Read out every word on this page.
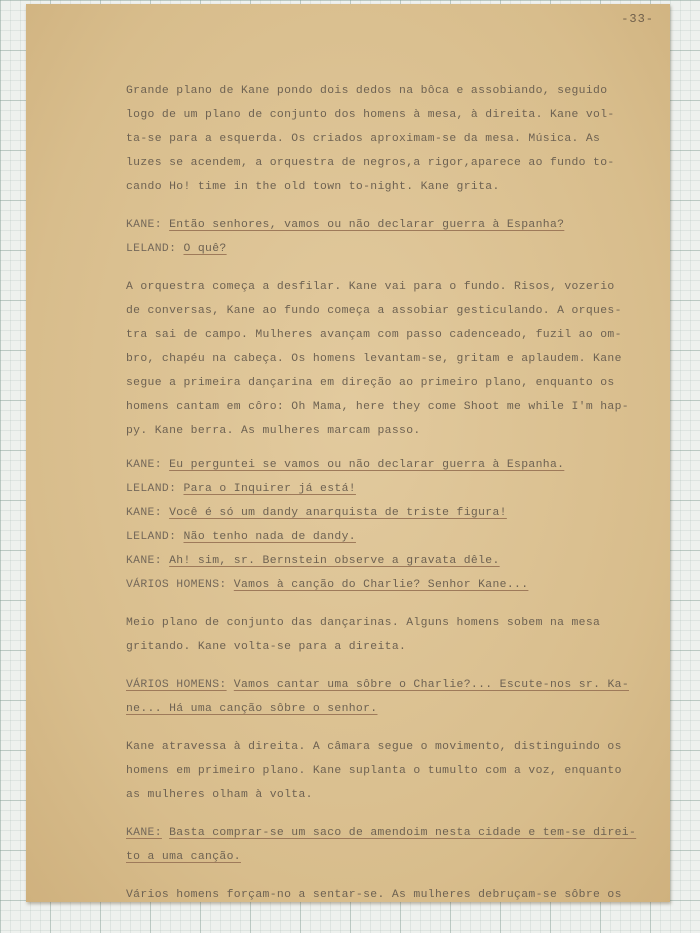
-33-
Grande plano de Kane pondo dois dedos na bôca e assobiando, seguido
logo de um plano de conjunto dos homens à mesa, à direita. Kane vol-
ta-se para a esquerda. Os criados aproximam-se da mesa. Música. As
luzes se acendem, a orquestra de negros,a rigor,aparece ao fundo to-
cando Ho! time in the old town to-night. Kane grita.
KANE: Então senhores, vamos ou não declarar guerra à Espanha?
LELAND: O quê?
A orquestra começa a desfilar. Kane vai para o fundo. Risos, vozerio
de conversas, Kane ao fundo começa a assobiar gesticulando. A orques-
tra sai de campo. Mulheres avançam com passo cadenceado, fuzil ao om-
bro, chapéu na cabeça. Os homens levantam-se, gritam e aplaudem. Kane
segue a primeira dançarina em direção ao primeiro plano, enquanto os
homens cantam em côro: Oh Mama, here they come Shoot me while I'm hap-
py. Kane berra. As mulheres marcam passo.
KANE: Eu perguntei se vamos ou não declarar guerra à Espanha.
LELAND: Para o Inquirer já está!
KANE: Você é só um dandy anarquista de triste figura!
LELAND: Não tenho nada de dandy.
KANE: Ah! sim, sr. Bernstein observe a gravata dêle.
VÁRIOS HOMENS: Vamos à canção do Charlie? Senhor Kane...
Meio plano de conjunto das dançarinas. Alguns homens sobem na mesa
gritando. Kane volta-se para a direita.
VÁRIOS HOMENS: Vamos cantar uma sôbre o Charlie?... Escute-nos sr. Ka-
ne... Há uma canção sôbre o senhor.
Kane atravessa à direita. A câmara segue o movimento, distinguindo os
homens em primeiro plano. Kane suplanta o tumulto com a voz, enquanto
as mulheres olham à volta.
KANE: Basta comprar-se um saco de amendoim nesta cidade e tem-se direi-
to a uma canção.
Vários homens forçam-no a sentar-se. As mulheres debruçam-se sôbre os
